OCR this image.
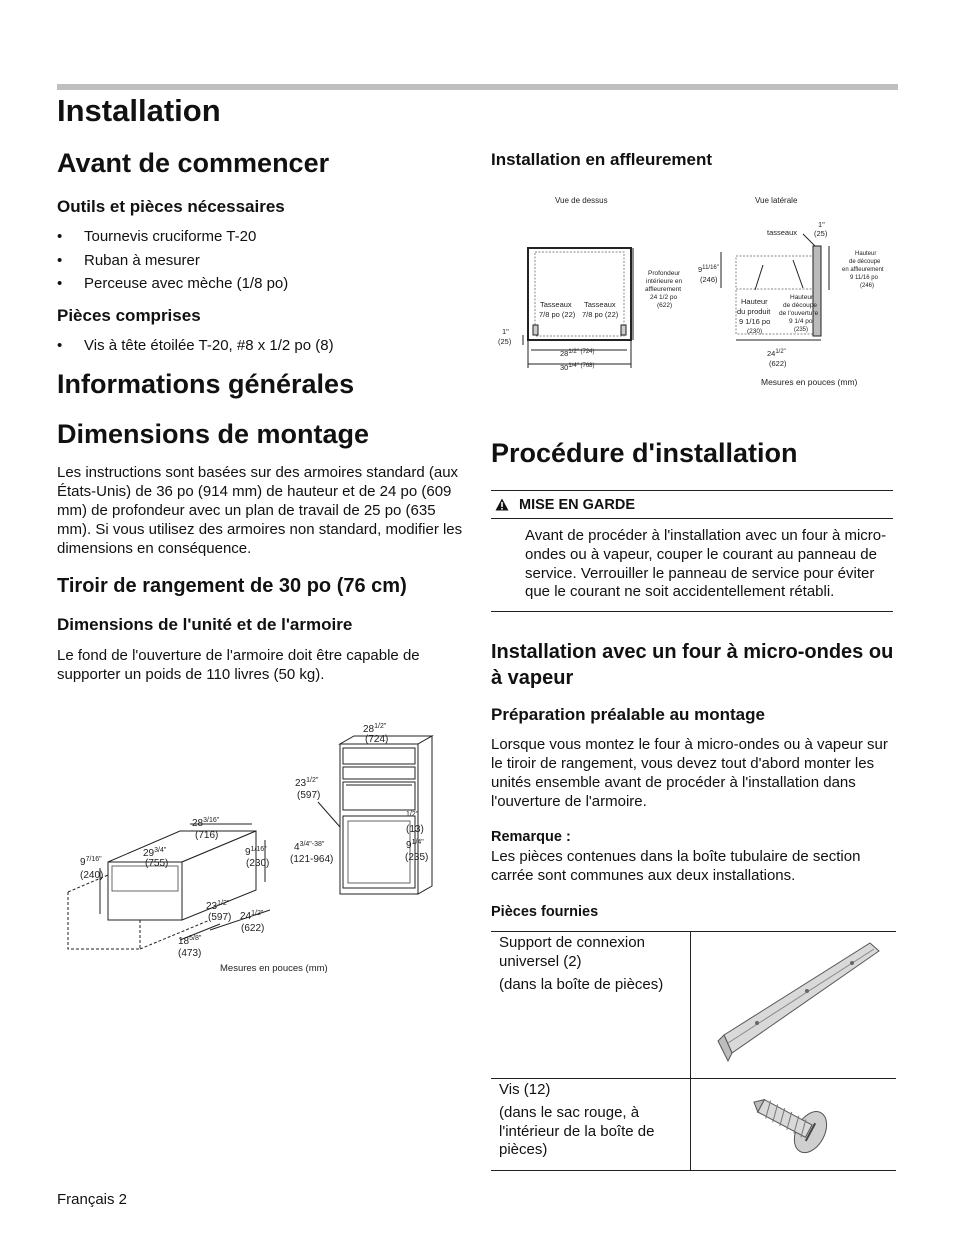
Installation
Avant de commencer
Outils et pièces nécessaires
• Tournevis cruciforme T-20
• Ruban à mesurer
• Perceuse avec mèche (1/8 po)
Pièces comprises
• Vis à tête étoilée T-20, #8 x 1/2 po (8)
Informations générales
Dimensions de montage

Les instructions sont basées sur des armoires standard (aux États-Unis) de 36 po (914 mm) de hauteur et de 24 po (609 mm) de profondeur avec un plan de travail de 25 po (635 mm). Si vous utilisez des armoires non standard, modifier les dimensions en conséquence.

Tiroir de rangement de 30 po (76 cm)
Dimensions de l'unité et de l'armoire

Le fond de l'ouverture de l'armoire doit être capable de supporter un poids de 110 livres (50 kg).

$28^{1/2"}$
(724)
$23^{1/2"}$
(597)
$^{1/2"}$
(13)
$4^{3/4"-38"}$
(121-964)
$9^{1/4"}$
(235)
$28^{3/16"}$
(716)
$29^{3/4"}$
(755)
$9^{1/16"}$
(230)
$9^{7/16"}$
(240)
$23^{1/2"}$
(597) $24^{1/2"}$
(622)
$18^{5/8"}$
(473)
Mesures en pouces (mm)
Français 2
Installation en affleurement
Vue de dessus	Vue latérale
Tasseaux
7/8 po (22)
Tasseaux
7/8 po (22)
Profondeur
intérieure en
affleurement
24 1/2 po
(622)
1"
(25)
$28^{1/2" (724)}$
$30^{1/4" (768)}$
tasseaux
1"
(25)
$9^{11/16"}$
(246)
Hauteur
du produit
9 1/16 po
(230)
Hauteur
de découpe
de l'ouverture
9 1/4 po
(235)
Hauteur
de découpe
en affleurement
9 11/16 po
(246)
$24^{1/2"}$
(622)
Mesures en pouces (mm)
Procédure d'installation
MISE EN GARDE
Avant de procéder à l'installation avec un four à micro-ondes ou à vapeur, couper le courant au panneau de service. Verrouiller le panneau de service pour éviter que le courant ne soit accidentellement rétabli.
Installation avec un four à micro-ondes ou à vapeur
Préparation préalable au montage

Lorsque vous montez le four à micro-ondes ou à vapeur sur le tiroir de rangement, vous devez tout d'abord monter les unités ensemble avant de procéder à l'installation dans l'ouverture de l'armoire.

Remarque :

Les pièces contenues dans la boîte tubulaire de section carrée sont communes aux deux installations.

Pièces fournies
Support de connexion universel (2)
(dans la boîte de pièces)

Vis (12)
(dans le sac rouge, à l'intérieur de la boîte de pièces)
